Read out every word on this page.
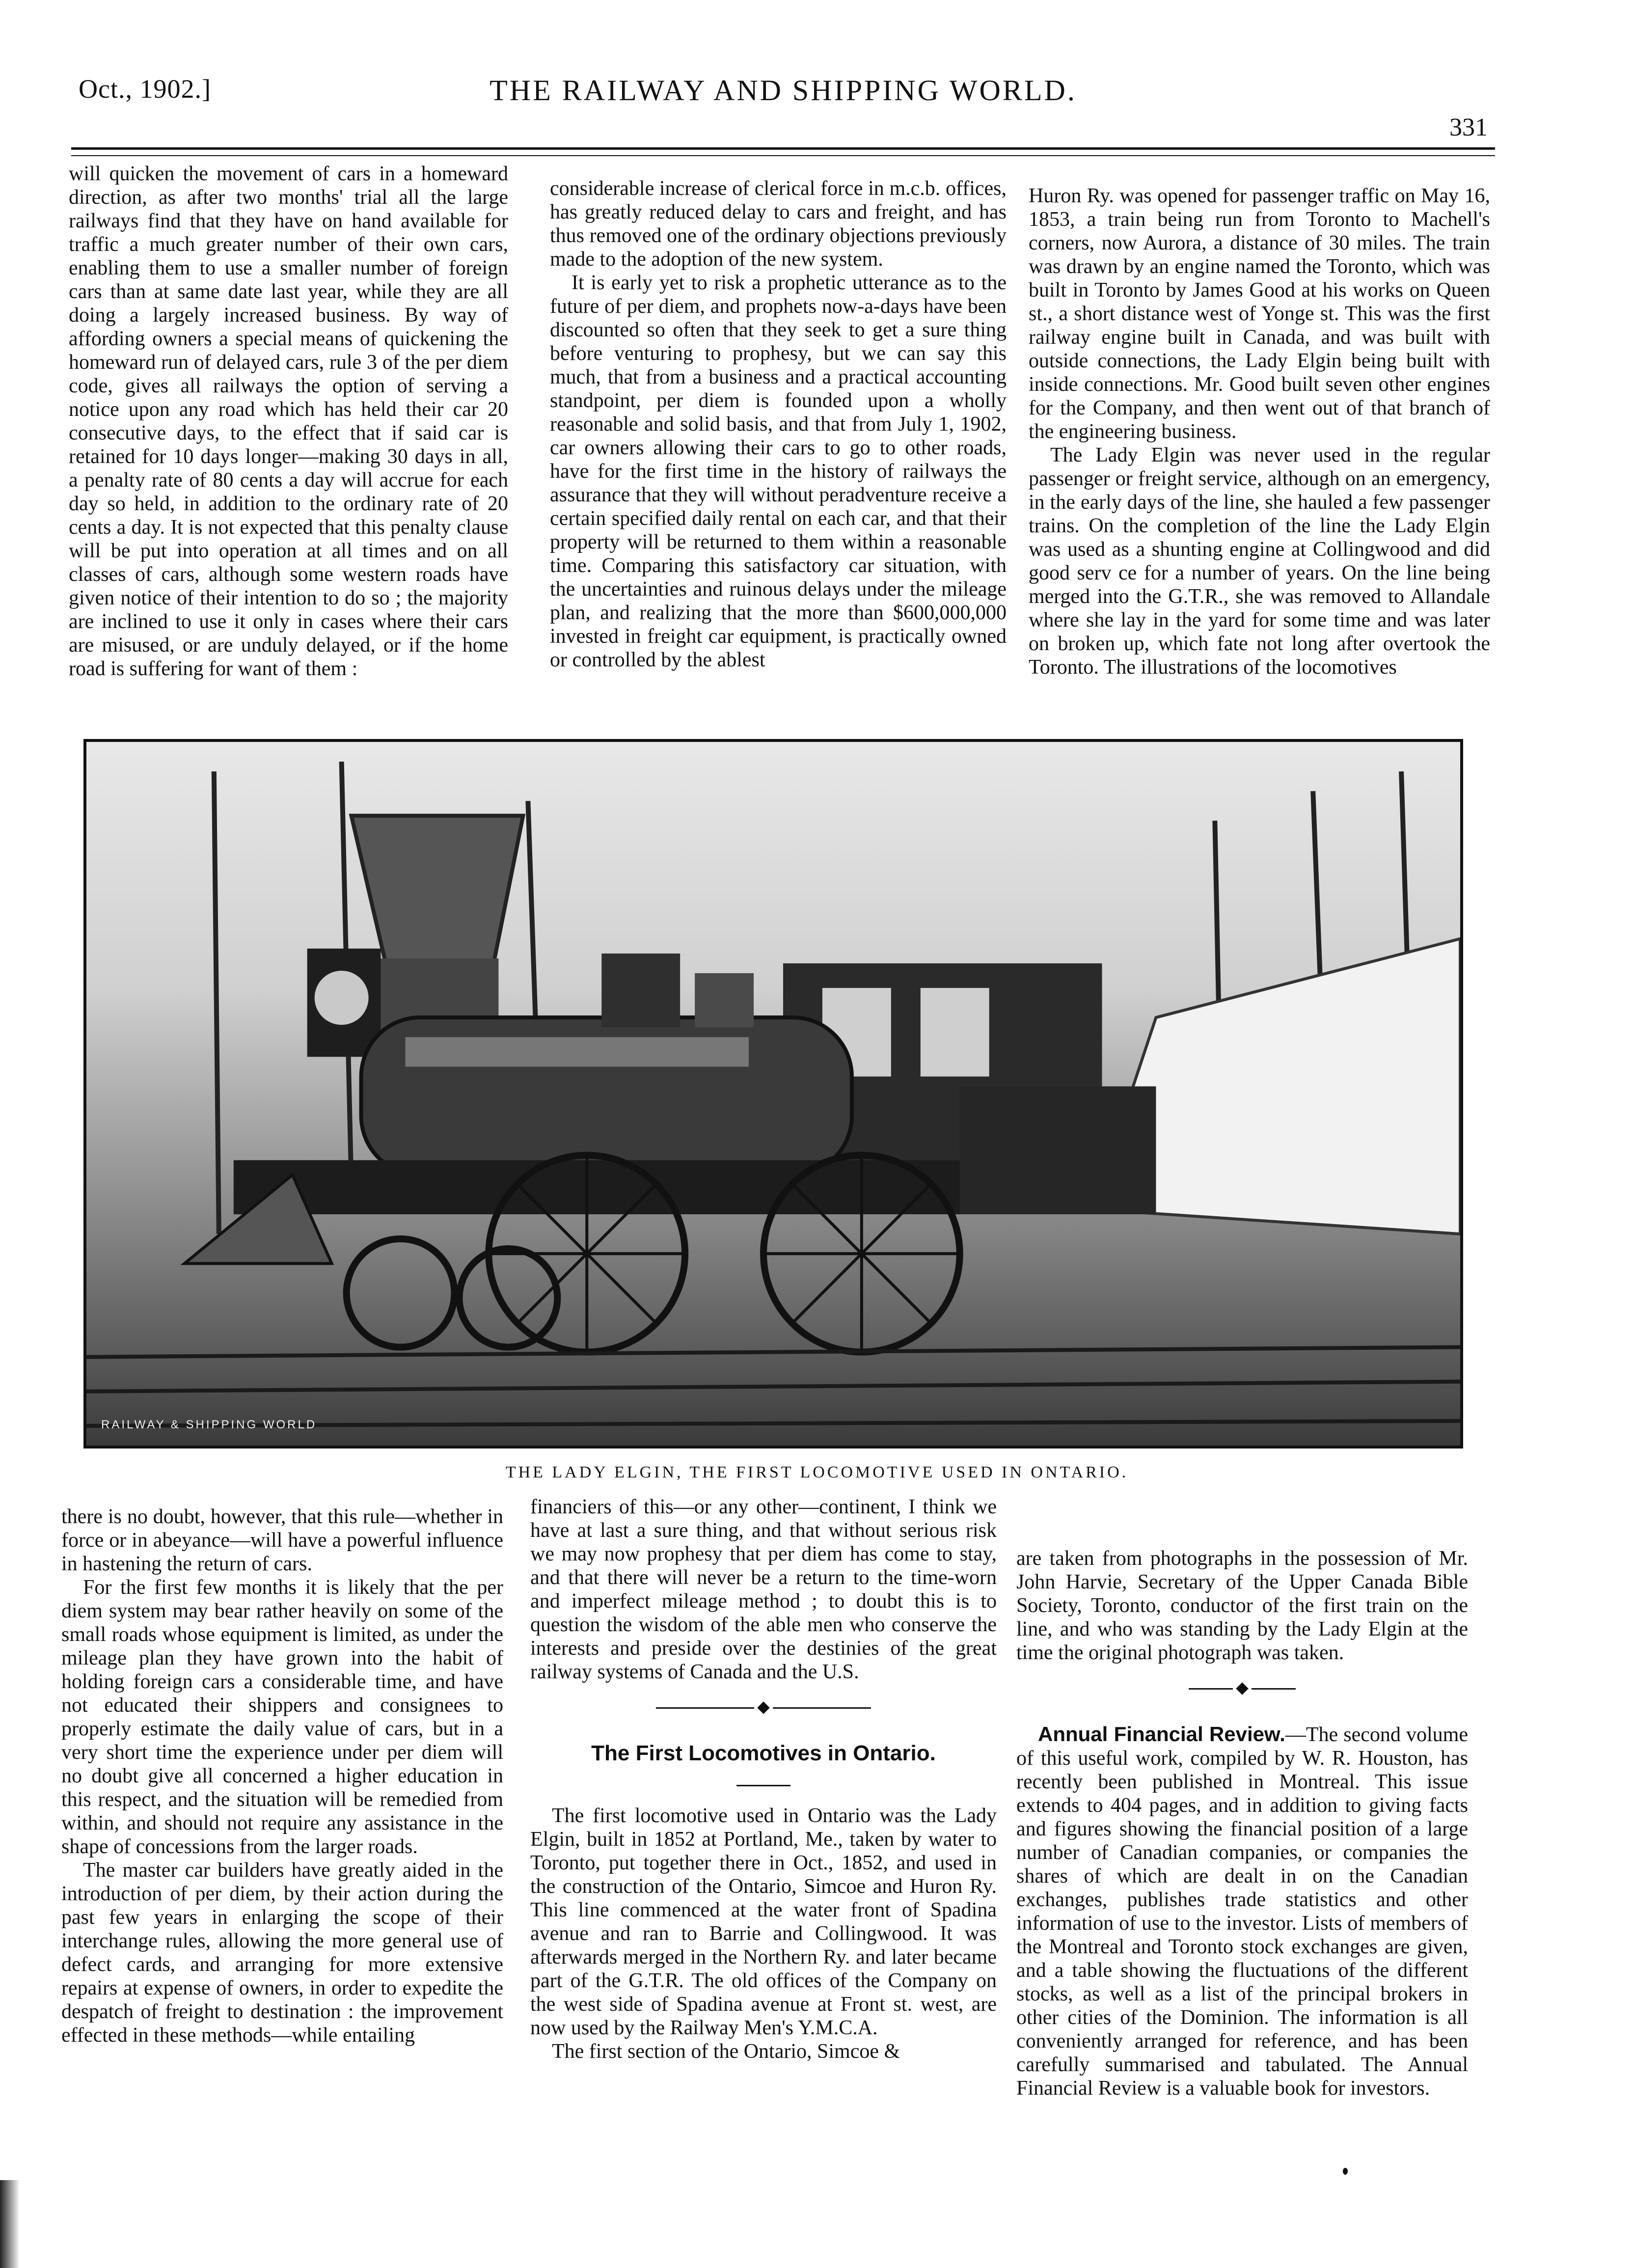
Oct., 1902.]	THE RAILWAY AND SHIPPING WORLD.
331

will quicken the movement of cars in a homeward direction, as after two months' trial all the large railways find that they have on hand available for traffic a much greater number of their own cars, enabling them to use a smaller number of foreign cars than at same date last year, while they are all doing a largely increased business. By way of affording owners a special means of quickening the homeward run of delayed cars, rule 3 of the per diem code, gives all railways the option of serving a notice upon any road which has held their car 20 consecutive days, to the effect that if said car is retained for 10 days longer—making 30 days in all, a penalty rate of 80 cents a day will accrue for each day so held, in addition to the ordinary rate of 20 cents a day. It is not expected that this penalty clause will be put into operation at all times and on all classes of cars, although some western roads have given notice of their intention to do so ; the majority are inclined to use it only in cases where their cars are misused, or are unduly delayed, or if the home road is suffering for want of them :

considerable increase of clerical force in m.c.b. offices, has greatly reduced delay to cars and freight, and has thus removed one of the ordinary objections previously made to the adoption of the new system.

It is early yet to risk a prophetic utterance as to the future of per diem, and prophets now-a-days have been discounted so often that they seek to get a sure thing before venturing to prophesy, but we can say this much, that from a business and a practical accounting standpoint, per diem is founded upon a wholly reasonable and solid basis, and that from July 1, 1902, car owners allowing their cars to go to other roads, have for the first time in the history of railways the assurance that they will without peradventure receive a certain specified daily rental on each car, and that their property will be returned to them within a reasonable time. Comparing this satisfactory car situation, with the uncertainties and ruinous delays under the mileage plan, and realizing that the more than $600,000,000 invested in freight car equipment, is practically owned or controlled by the ablest

Huron Ry. was opened for passenger traffic on May 16, 1853, a train being run from Toronto to Machell's corners, now Aurora, a distance of 30 miles. The train was drawn by an engine named the Toronto, which was built in Toronto by James Good at his works on Queen st., a short distance west of Yonge st. This was the first railway engine built in Canada, and was built with outside connections, the Lady Elgin being built with inside connections. Mr. Good built seven other engines for the Company, and then went out of that branch of the engineering business.

The Lady Elgin was never used in the regular passenger or freight service, although on an emergency, in the early days of the line, she hauled a few passenger trains. On the completion of the line the Lady Elgin was used as a shunting engine at Collingwood and did good serv ce for a number of years. On the line being merged into the G.T.R., she was removed to Allandale where she lay in the yard for some time and was later on broken up, which fate not long after overtook the Toronto. The illustrations of the locomotives

RAILWAY & SHIPPING WORLD
THE LADY ELGIN, THE FIRST LOCOMOTIVE USED IN ONTARIO.

there is no doubt, however, that this rule—whether in force or in abeyance—will have a powerful influence in hastening the return of cars.

For the first few months it is likely that the per diem system may bear rather heavily on some of the small roads whose equipment is limited, as under the mileage plan they have grown into the habit of holding foreign cars a considerable time, and have not educated their shippers and consignees to properly estimate the daily value of cars, but in a very short time the experience under per diem will no doubt give all concerned a higher education in this respect, and the situation will be remedied from within, and should not require any assistance in the shape of concessions from the larger roads.

The master car builders have greatly aided in the introduction of per diem, by their action during the past few years in enlarging the scope of their interchange rules, allowing the more general use of defect cards, and arranging for more extensive repairs at expense of owners, in order to expedite the despatch of freight to destination : the improvement effected in these methods—while entailing

financiers of this—or any other—continent, I think we have at last a sure thing, and that without serious risk we may now prophesy that per diem has come to stay, and that there will never be a return to the time-worn and imperfect mileage method ; to doubt this is to question the wisdom of the able men who conserve the interests and preside over the destinies of the great railway systems of Canada and the U.S.

The First Locomotives in Ontario.

The first locomotive used in Ontario was the Lady Elgin, built in 1852 at Portland, Me., taken by water to Toronto, put together there in Oct., 1852, and used in the construction of the Ontario, Simcoe and Huron Ry. This line commenced at the water front of Spadina avenue and ran to Barrie and Collingwood. It was afterwards merged in the Northern Ry. and later became part of the G.T.R. The old offices of the Company on the west side of Spadina avenue at Front st. west, are now used by the Railway Men's Y.M.C.A.

The first section of the Ontario, Simcoe &

are taken from photographs in the possession of Mr. John Harvie, Secretary of the Upper Canada Bible Society, Toronto, conductor of the first train on the line, and who was standing by the Lady Elgin at the time the original photograph was taken.

Annual Financial Review.—The second volume of this useful work, compiled by W. R. Houston, has recently been published in Montreal. This issue extends to 404 pages, and in addition to giving facts and figures showing the financial position of a large number of Canadian companies, or companies the shares of which are dealt in on the Canadian exchanges, publishes trade statistics and other information of use to the investor. Lists of members of the Montreal and Toronto stock exchanges are given, and a table showing the fluctuations of the different stocks, as well as a list of the principal brokers in other cities of the Dominion. The information is all conveniently arranged for reference, and has been carefully summarised and tabulated. The Annual Financial Review is a valuable book for investors.
